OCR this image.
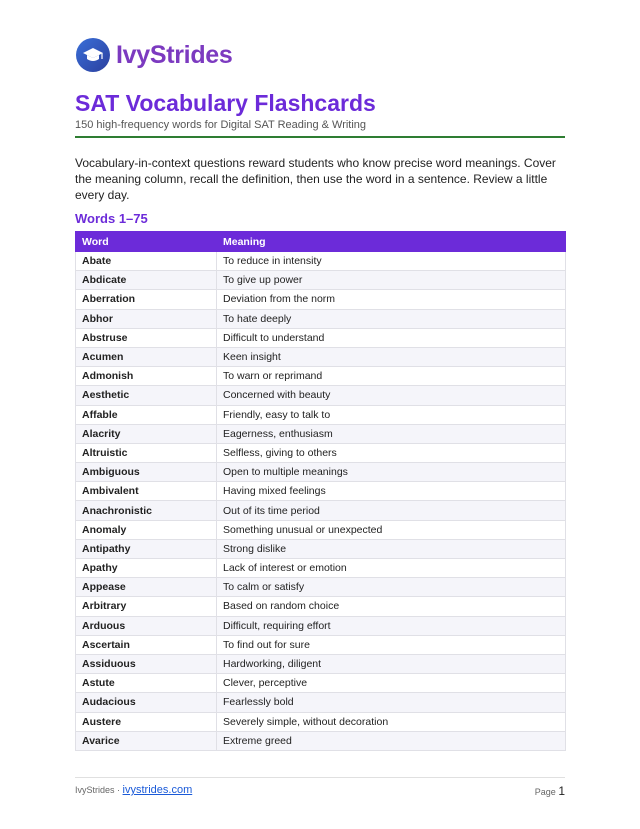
IvyStrides
SAT Vocabulary Flashcards
150 high-frequency words for Digital SAT Reading & Writing

Vocabulary-in-context questions reward students who know precise word meanings. Cover the meaning column, recall the definition, then use the word in a sentence. Review a little every day.

Words 1–75
Word	Meaning
Abate	To reduce in intensity
Abdicate	To give up power
Aberration	Deviation from the norm
Abhor	To hate deeply
Abstruse	Difficult to understand
Acumen	Keen insight
Admonish	To warn or reprimand
Aesthetic	Concerned with beauty
Affable	Friendly, easy to talk to
Alacrity	Eagerness, enthusiasm
Altruistic	Selfless, giving to others
Ambiguous	Open to multiple meanings
Ambivalent	Having mixed feelings
Anachronistic	Out of its time period
Anomaly	Something unusual or unexpected
Antipathy	Strong dislike
Apathy	Lack of interest or emotion
Appease	To calm or satisfy
Arbitrary	Based on random choice
Arduous	Difficult, requiring effort
Ascertain	To find out for sure
Assiduous	Hardworking, diligent
Astute	Clever, perceptive
Audacious	Fearlessly bold
Austere	Severely simple, without decoration
Avarice	Extreme greed
IvyStrides · ivystrides.com	Page 1
